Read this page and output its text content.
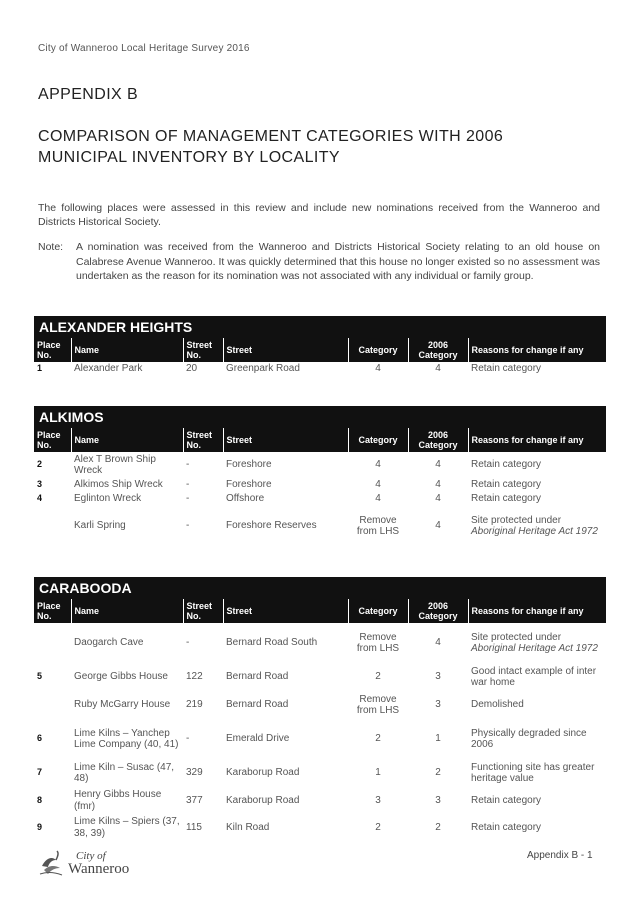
City of Wanneroo Local Heritage Survey 2016
APPENDIX B
COMPARISON OF MANAGEMENT CATEGORIES WITH 2006
MUNICIPAL INVENTORY BY LOCALITY
The following places were assessed in this review and include new nominations received from the Wanneroo and Districts Historical Society.
Note:	A nomination was received from the Wanneroo and Districts Historical Society relating to an old house on Calabrese Avenue Wanneroo. It was quickly determined that this house no longer existed so no assessment was undertaken as the reason for its nomination was not associated with any individual or family group.
ALEXANDER HEIGHTS
Place No.	Name	Street No.	Street	Category	2006 Category	Reasons for change if any
1	Alexander Park	20	Greenpark Road	4	4	Retain category
ALKIMOS
Place No.	Name	Street No.	Street	Category	2006 Category	Reasons for change if any
2	Alex T Brown Ship Wreck	-	Foreshore	4	4	Retain category
3	Alkimos Ship Wreck	-	Foreshore	4	4	Retain category
4	Eglinton Wreck	-	Offshore	4	4	Retain category
	Karli Spring	-	Foreshore Reserves	Remove from LHS	4	Site protected under Aboriginal Heritage Act 1972
CARABOODA
Place No.	Name	Street No.	Street	Category	2006 Category	Reasons for change if any
	Daogarch Cave	-	Bernard Road South	Remove from LHS	4	Site protected under Aboriginal Heritage Act 1972
5	George Gibbs House	122	Bernard Road	2	3	Good intact example of inter war home
	Ruby McGarry House	219	Bernard Road	Remove from LHS	3	Demolished
6	Lime Kilns – Yanchep Lime Company (40, 41)	-	Emerald Drive	2	1	Physically degraded since 2006
7	Lime Kiln – Susac (47, 48)	329	Karaborup Road	1	2	Functioning site has greater heritage value
8	Henry Gibbs House (fmr)	377	Karaborup Road	3	3	Retain category
9	Lime Kilns – Spiers (37, 38, 39)	115	Kiln Road	2	2	Retain category
City of
Wanneroo
Appendix B - 1
